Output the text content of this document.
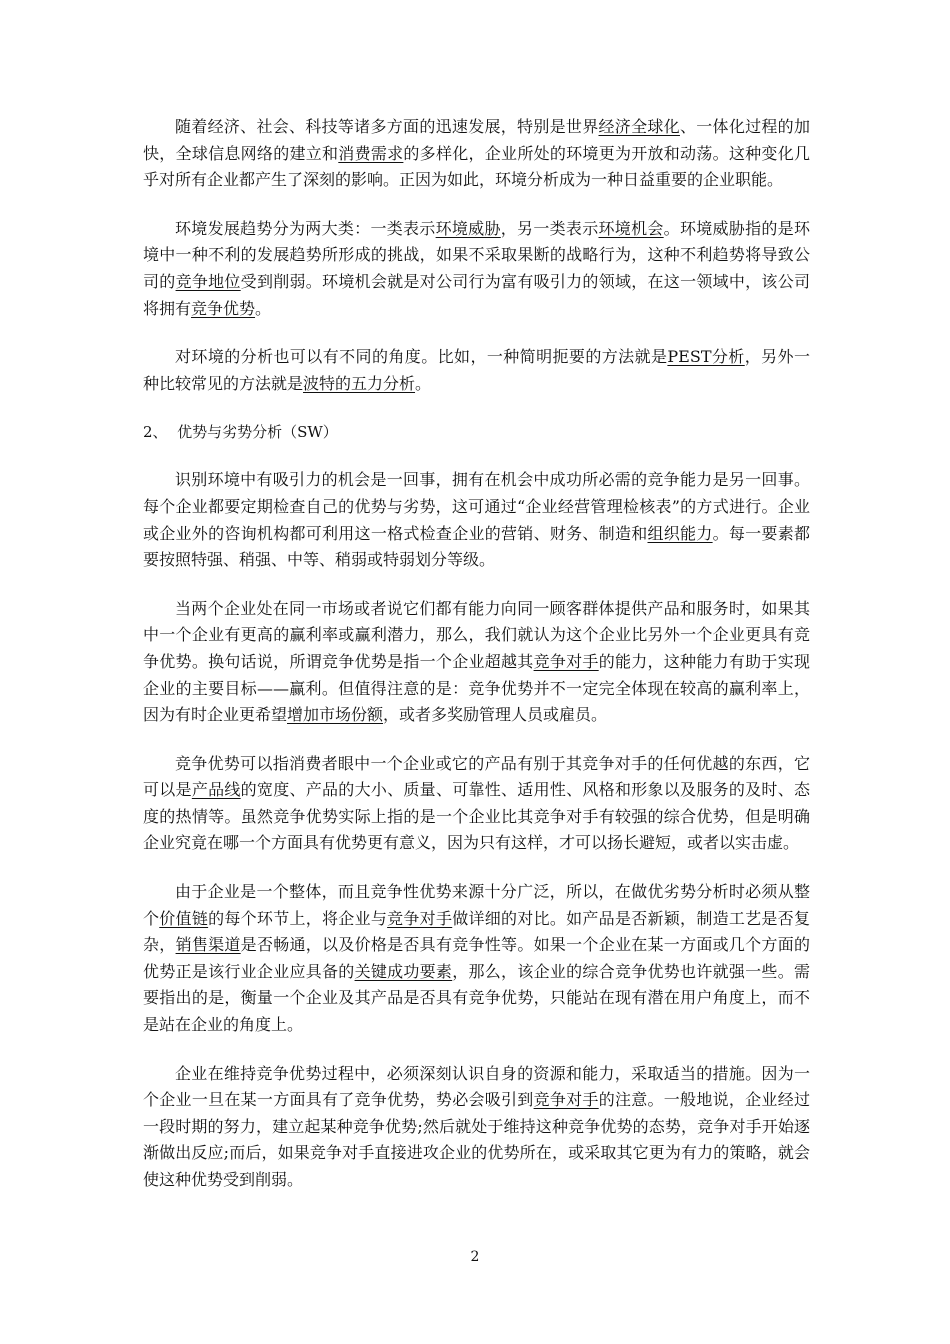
随着经济、社会、科技等诸多方面的迅速发展，特别是世界经济全球化、一体化过程的加快，全球信息网络的建立和消费需求的多样化，企业所处的环境更为开放和动荡。这种变化几乎对所有企业都产生了深刻的影响。正因为如此，环境分析成为一种日益重要的企业职能。

环境发展趋势分为两大类：一类表示环境威胁，另一类表示环境机会。环境威胁指的是环境中一种不利的发展趋势所形成的挑战，如果不采取果断的战略行为，这种不利趋势将导致公司的竞争地位受到削弱。环境机会就是对公司行为富有吸引力的领域，在这一领域中，该公司将拥有竞争优势。

对环境的分析也可以有不同的角度。比如，一种简明扼要的方法就是PEST分析，另外一种比较常见的方法就是波特的五力分析。

2、  优势与劣势分析（SW）

识别环境中有吸引力的机会是一回事，拥有在机会中成功所必需的竞争能力是另一回事。每个企业都要定期检查自己的优势与劣势，这可通过“企业经营管理检核表”的方式进行。企业或企业外的咨询机构都可利用这一格式检查企业的营销、财务、制造和组织能力。每一要素都要按照特强、稍强、中等、稍弱或特弱划分等级。

当两个企业处在同一市场或者说它们都有能力向同一顾客群体提供产品和服务时，如果其中一个企业有更高的赢利率或赢利潜力，那么，我们就认为这个企业比另外一个企业更具有竞争优势。换句话说，所谓竞争优势是指一个企业超越其竞争对手的能力，这种能力有助于实现企业的主要目标——赢利。但值得注意的是：竞争优势并不一定完全体现在较高的赢利率上，因为有时企业更希望增加市场份额，或者多奖励管理人员或雇员。

竞争优势可以指消费者眼中一个企业或它的产品有别于其竞争对手的任何优越的东西，它可以是产品线的宽度、产品的大小、质量、可靠性、适用性、风格和形象以及服务的及时、态度的热情等。虽然竞争优势实际上指的是一个企业比其竞争对手有较强的综合优势，但是明确企业究竟在哪一个方面具有优势更有意义，因为只有这样，才可以扬长避短，或者以实击虚。

由于企业是一个整体，而且竞争性优势来源十分广泛，所以，在做优劣势分析时必须从整个价值链的每个环节上，将企业与竞争对手做详细的对比。如产品是否新颖，制造工艺是否复杂，销售渠道是否畅通，以及价格是否具有竞争性等。如果一个企业在某一方面或几个方面的优势正是该行业企业应具备的关键成功要素，那么，该企业的综合竞争优势也许就强一些。需要指出的是，衡量一个企业及其产品是否具有竞争优势，只能站在现有潜在用户角度上，而不是站在企业的角度上。

企业在维持竞争优势过程中，必须深刻认识自身的资源和能力，采取适当的措施。因为一个企业一旦在某一方面具有了竞争优势，势必会吸引到竞争对手的注意。一般地说，企业经过一段时期的努力，建立起某种竞争优势;然后就处于维持这种竞争优势的态势，竞争对手开始逐渐做出反应;而后，如果竞争对手直接进攻企业的优势所在，或采取其它更为有力的策略，就会使这种优势受到削弱。

2
